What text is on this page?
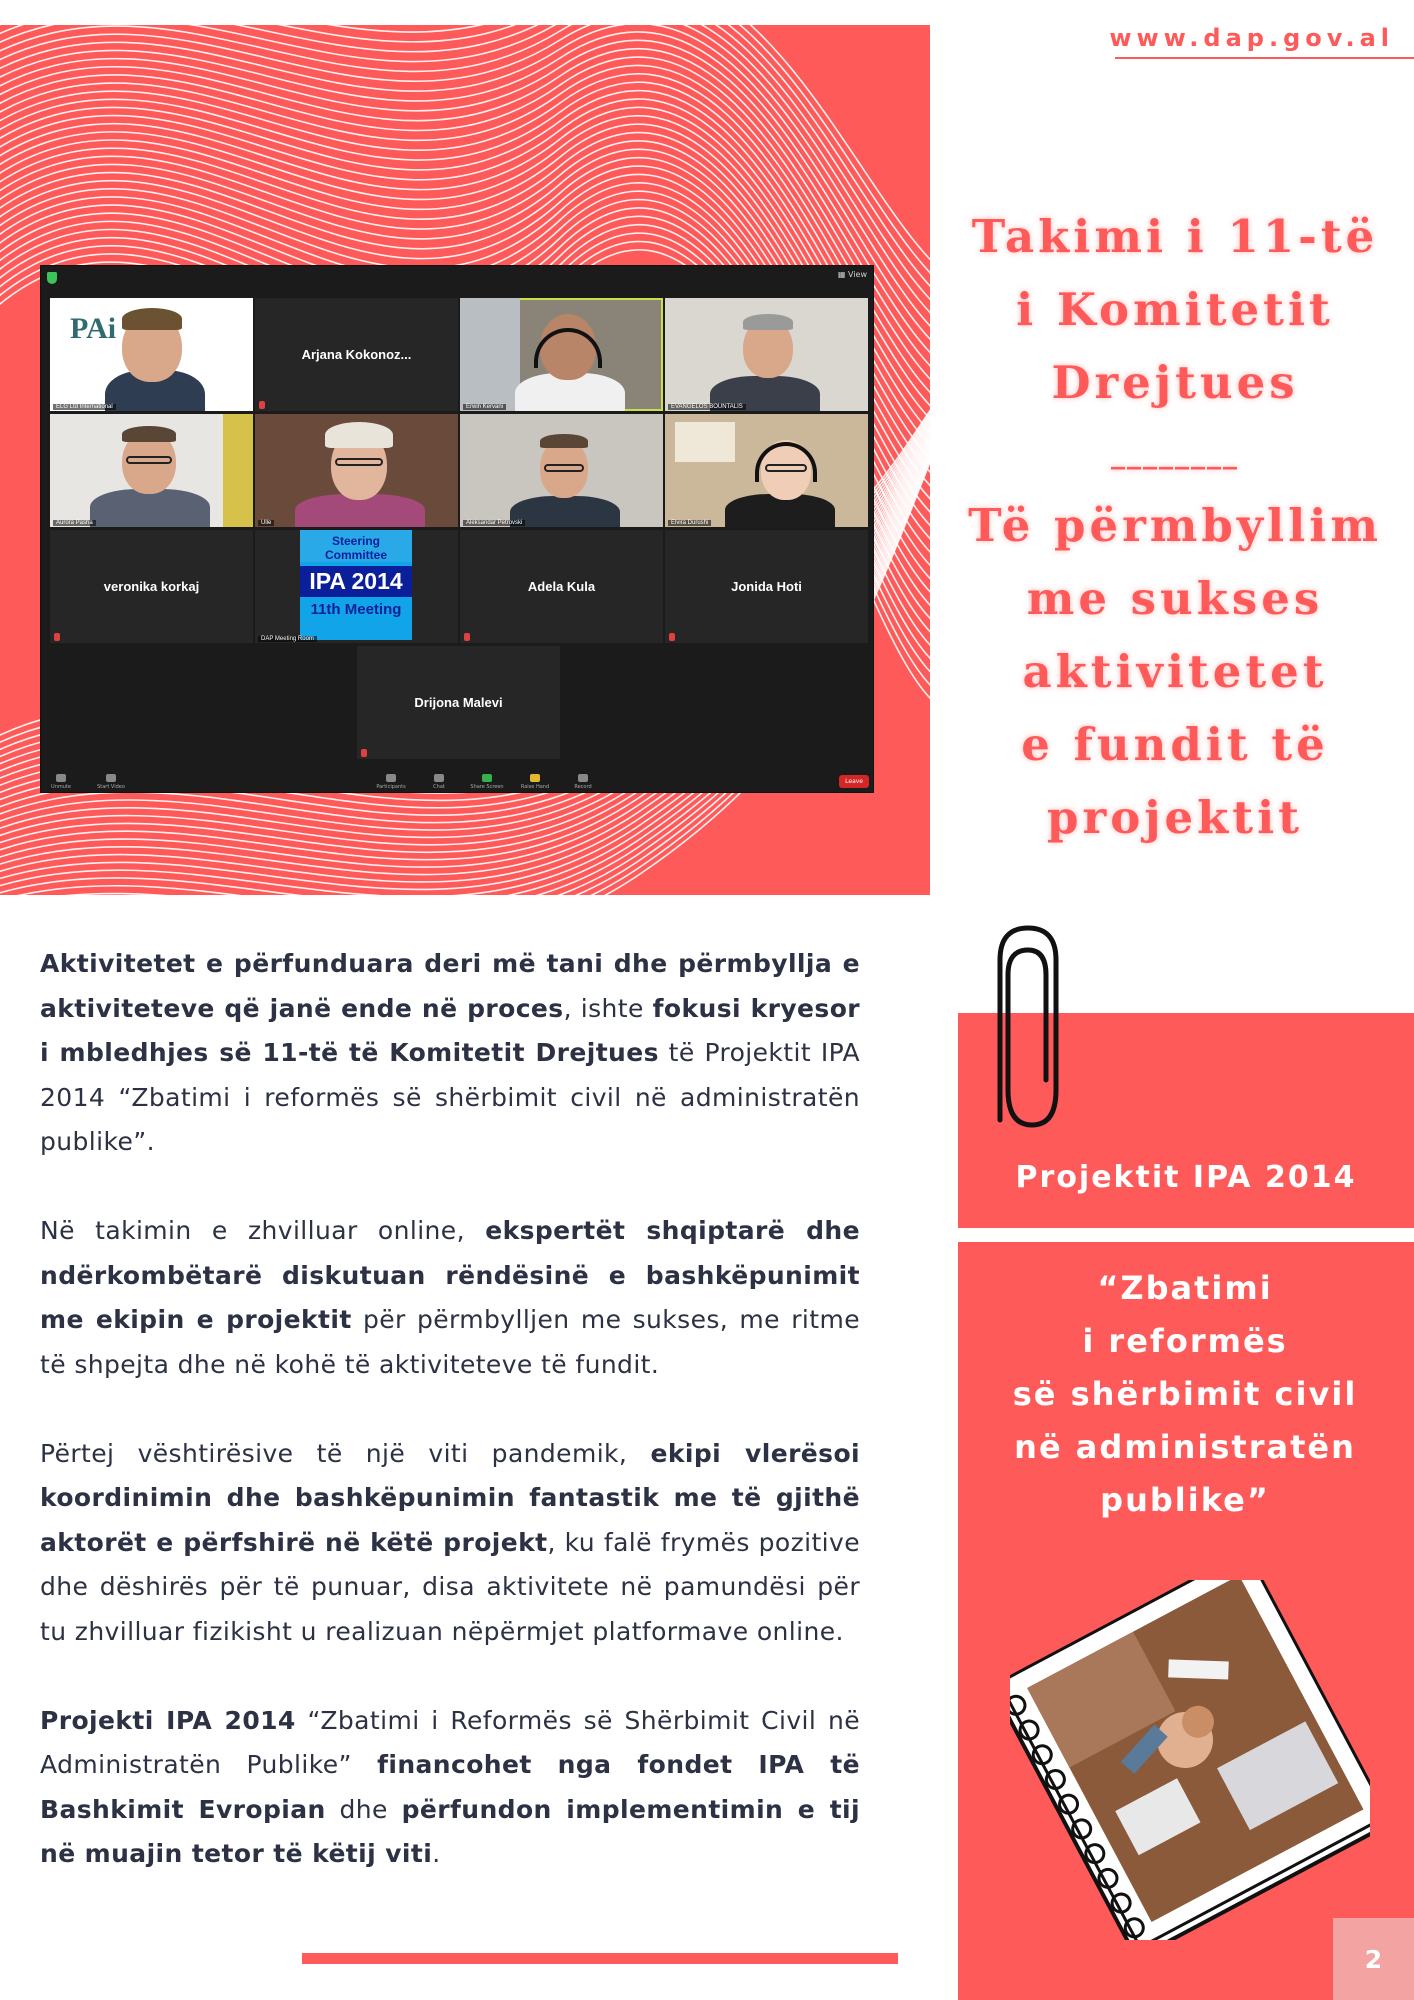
▦ View
PAi
ELG Ltd International
Arjana Kokonoz...
Erwin Kervani	EVANGELOS BOUNTALIS
Aurora Pasha	Ulle	Aleksandar Petrovski	Elvira Durushi
veronika korkaj
Steering
Committee
IPA 2014
11th Meeting
DAP Meeting Room
Adela Kula	Jonida Hoti
Drijona Malevi
Unmute	Start Video	Participants	Chat	Share Screen	Raise Hand	Record
Leave
www.dap.gov.al
Takimi i 11-të
i Komitetit
Drejtues
________
Të përmbyllim
me sukses
aktivitetet
e fundit të
projektit

Aktivitetet e përfunduara deri më tani dhe përmbyllja e aktiviteteve që janë ende në proces, ishte fokusi kryesor i mbledhjes së 11-të të Komitetit Drejtues të Projektit IPA 2014 “Zbatimi i reformës së shërbimit civil në administratën publike”.

Në takimin e zhvilluar online, ekspertët shqiptarë dhe ndërkombëtarë diskutuan rëndësinë e bashkëpunimit me ekipin e projektit për përmbylljen me sukses, me ritme të shpejta dhe në kohë të aktiviteteve të fundit.

Përtej vështirësive të një viti pandemik, ekipi vlerësoi koordinimin dhe bashkëpunimin fantastik me të gjithë aktorët e përfshirë në këtë projekt, ku falë frymës pozitive dhe dëshirës për të punuar, disa aktivitete në pamundësi për tu zhvilluar fizikisht u realizuan nëpërmjet platformave online.

Projekti IPA 2014 “Zbatimi i Reformës së Shërbimit Civil në Administratën Publike” financohet nga fondet IPA të Bashkimit Evropian dhe përfundon implementimin e tij në muajin tetor të këtij viti.

Projektit IPA 2014
“Zbatimi
i reformës
së shërbimit civil
në administratën
publike”
2
